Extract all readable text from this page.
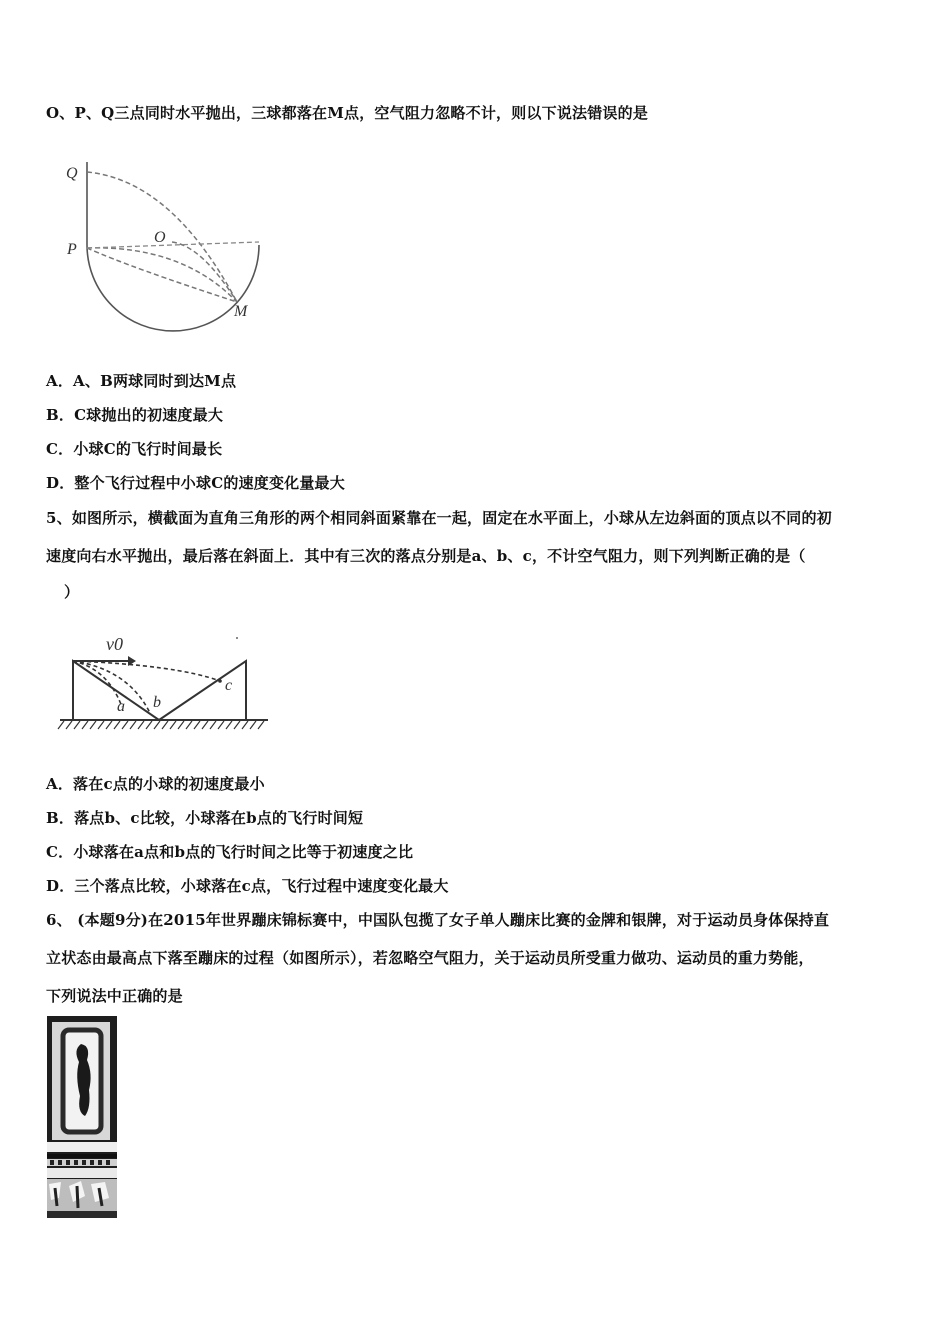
O、P、Q三点同时水平抛出，三球都落在M点，空气阻力忽略不计，则以下说法错误的是
Q
P
O
M
A．A、B两球同时到达M点
B．C球抛出的初速度最大
C．小球C的飞行时间最长
D．整个飞行过程中小球C的速度变化量最大
5、如图所示，横截面为直角三角形的两个相同斜面紧靠在一起，固定在水平面上，小球从左边斜面的顶点以不同的初
速度向右水平抛出，最后落在斜面上．其中有三次的落点分别是a、b、c，不计空气阻力，则下列判断正确的是（
）
v0
a b
c
A．落在c点的小球的初速度最小
B．落点b、c比较，小球落在b点的飞行时间短
C．小球落在a点和b点的飞行时间之比等于初速度之比
D．三个落点比较，小球落在c点，飞行过程中速度变化最大
6、 (本题9分)在2015年世界蹦床锦标赛中，中国队包揽了女子单人蹦床比赛的金牌和银牌，对于运动员身体保持直
立状态由最高点下落至蹦床的过程（如图所示），若忽略空气阻力，关于运动员所受重力做功、运动员的重力势能，
下列说法中正确的是
